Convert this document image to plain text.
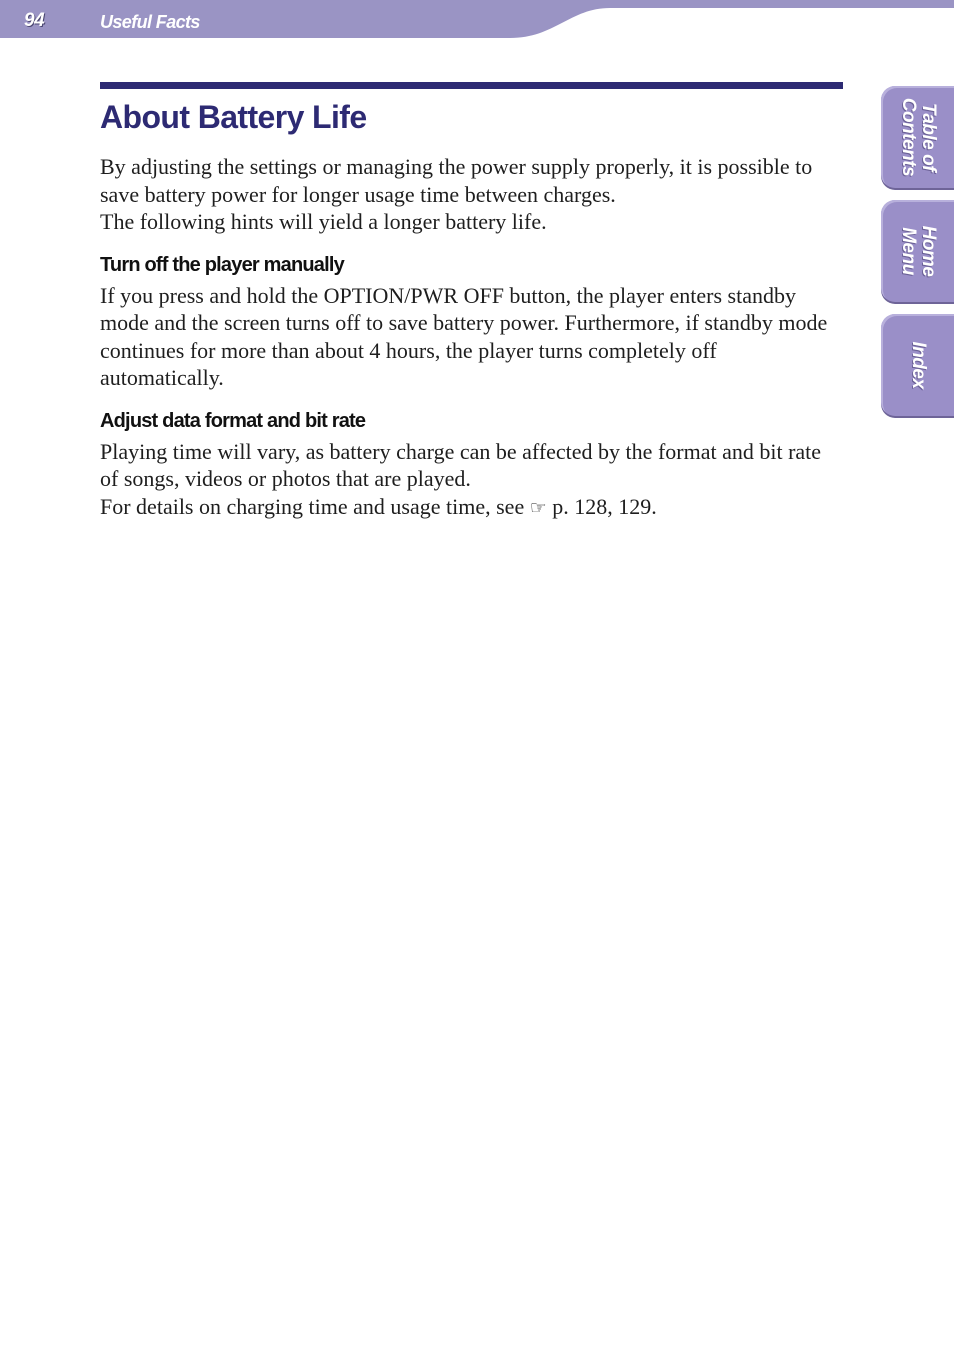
94	Useful Facts
About Battery Life

By adjusting the settings or managing the power supply properly, it is possible to save battery power for longer usage time between charges.

The following hints will yield a longer battery life.

Turn off the player manually

If you press and hold the OPTION/PWR OFF button, the player enters standby mode and the screen turns off to save battery power. Furthermore, if standby mode continues for more than about 4 hours, the player turns completely off automatically.

Adjust data format and bit rate

Playing time will vary, as battery charge can be affected by the format and bit rate of songs, videos or photos that are played.

For details on charging time and usage time, see ☞ p. 128, 129.

Table of
Contents
Home
Menu
Index
